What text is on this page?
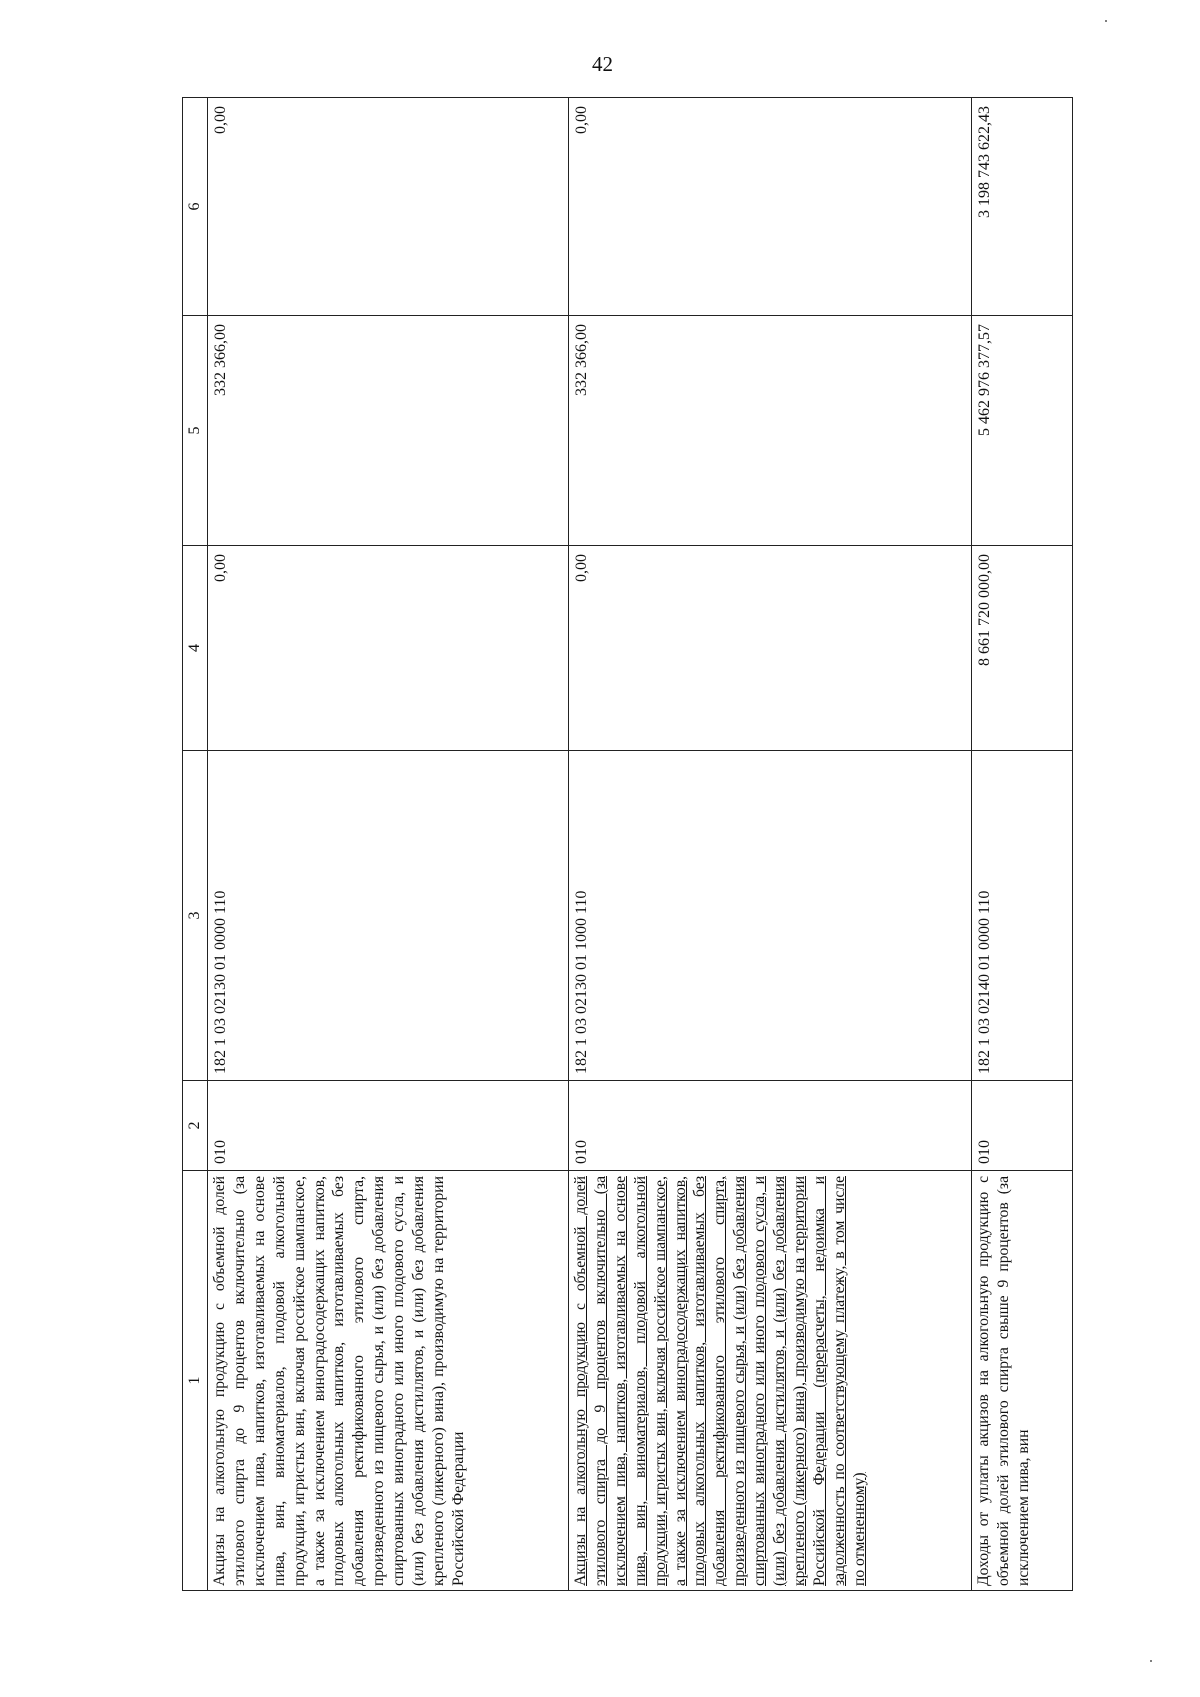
42
1	2	3	4	5	6
Акцизы на алкогольную продукцию с объемной долей этилового спирта до 9 процентов включительно (за исключением пива, напитков, изготавливаемых на основе пива, вин, виноматериалов, плодовой алкогольной продукции, игристых вин, включая российское шампанское, а также за исключением виноградосодержащих напитков, плодовых алкогольных напитков, изготавливаемых без добавления ректификованного этилового спирта, произведенного из пищевого сырья, и (или) без добавления спиртованных виноградного или иного плодового сусла, и (или) без добавления дистиллятов, и (или) без добавления крепленого (ликерного) вина), производимую на территории Российской Федерации	010	182 1 03 02130 01 0000 110	0,00	332 366,00	0,00
Акцизы на алкогольную продукцию с объемной долей этилового спирта до 9 процентов включительно (за исключением пива, напитков, изготавливаемых на основе пива, вин, виноматериалов, плодовой алкогольной продукции, игристых вин, включая российское шампанское, а также за исключением виноградосодержащих напитков, плодовых алкогольных напитков, изготавливаемых без добавления ректификованного этилового спирта, произведенного из пищевого сырья, и (или) без добавления спиртованных виноградного или иного плодового сусла, и (или) без добавления дистиллятов, и (или) без добавления крепленого (ликерного) вина), производимую на территории Российской Федерации (перерасчеты, недоимка и задолженность по соответствующему платежу, в том числе по отмененному)	010	182 1 03 02130 01 1000 110	0,00	332 366,00	0,00
Доходы от уплаты акцизов на алкогольную продукцию с объемной долей этилового спирта свыше 9 процентов (за исключением пива, вин	010	182 1 03 02140 01 0000 110	8 661 720 000,00	5 462 976 377,57	3 198 743 622,43
